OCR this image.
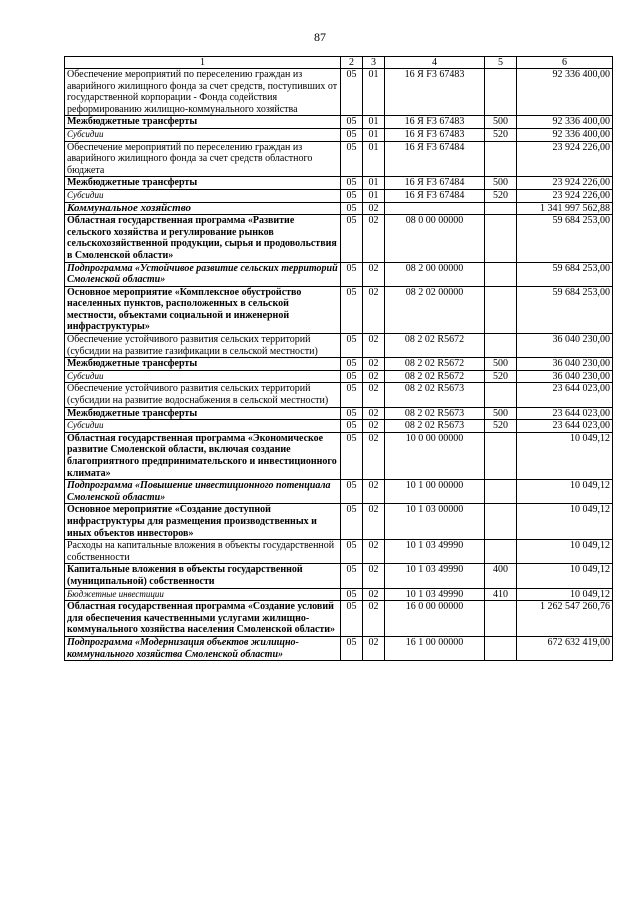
87
1	2	3	4	5	6
Обеспечение мероприятий по переселению граждан из аварийного жилищного фонда за счет средств, поступивших от государственной корпорации - Фонда содействия реформированию жилищно-коммунального хозяйства	05	01	16 Я F3 67483		92 336 400,00
Межбюджетные трансферты	05	01	16 Я F3 67483	500	92 336 400,00
Субсидии	05	01	16 Я F3 67483	520	92 336 400,00
Обеспечение мероприятий по переселению граждан из аварийного жилищного фонда за счет средств областного бюджета	05	01	16 Я F3 67484		23 924 226,00
Межбюджетные трансферты	05	01	16 Я F3 67484	500	23 924 226,00
Субсидии	05	01	16 Я F3 67484	520	23 924 226,00
Коммунальное хозяйство	05	02			1 341 997 562,88
Областная государственная программа «Развитие сельского хозяйства и регулирование рынков сельскохозяйственной продукции, сырья и продовольствия в Смоленской области»	05	02	08 0 00 00000		59 684 253,00
Подпрограмма «Устойчивое развитие сельских территорий Смоленской области»	05	02	08 2 00 00000		59 684 253,00
Основное мероприятие «Комплексное обустройство населенных пунктов, расположенных в сельской местности, объектами социальной и инженерной инфраструктуры»	05	02	08 2 02 00000		59 684 253,00
Обеспечение устойчивого развития сельских территорий (субсидии на развитие газификации в сельской местности)	05	02	08 2 02 R5672		36 040 230,00
Межбюджетные трансферты	05	02	08 2 02 R5672	500	36 040 230,00
Субсидии	05	02	08 2 02 R5672	520	36 040 230,00
Обеспечение устойчивого развития сельских территорий (субсидии на развитие водоснабжения в сельской местности)	05	02	08 2 02 R5673		23 644 023,00
Межбюджетные трансферты	05	02	08 2 02 R5673	500	23 644 023,00
Субсидии	05	02	08 2 02 R5673	520	23 644 023,00
Областная государственная программа «Экономическое развитие Смоленской области, включая создание благоприятного предпринимательского и инвестиционного климата»	05	02	10 0 00 00000		10 049,12
Подпрограмма «Повышение инвестиционного потенциала Смоленской области»	05	02	10 1 00 00000		10 049,12
Основное мероприятие «Создание доступной инфраструктуры для размещения производственных и иных объектов инвесторов»	05	02	10 1 03 00000		10 049,12
Расходы на капитальные вложения в объекты государственной собственности	05	02	10 1 03 49990		10 049,12
Капитальные вложения в объекты государственной (муниципальной) собственности	05	02	10 1 03 49990	400	10 049,12
Бюджетные инвестиции	05	02	10 1 03 49990	410	10 049,12
Областная государственная программа «Создание условий для обеспечения качественными услугами жилищно-коммунального хозяйства населения Смоленской области»	05	02	16 0 00 00000		1 262 547 260,76
Подпрограмма «Модернизация объектов жилищно-коммунального хозяйства Смоленской области»	05	02	16 1 00 00000		672 632 419,00
